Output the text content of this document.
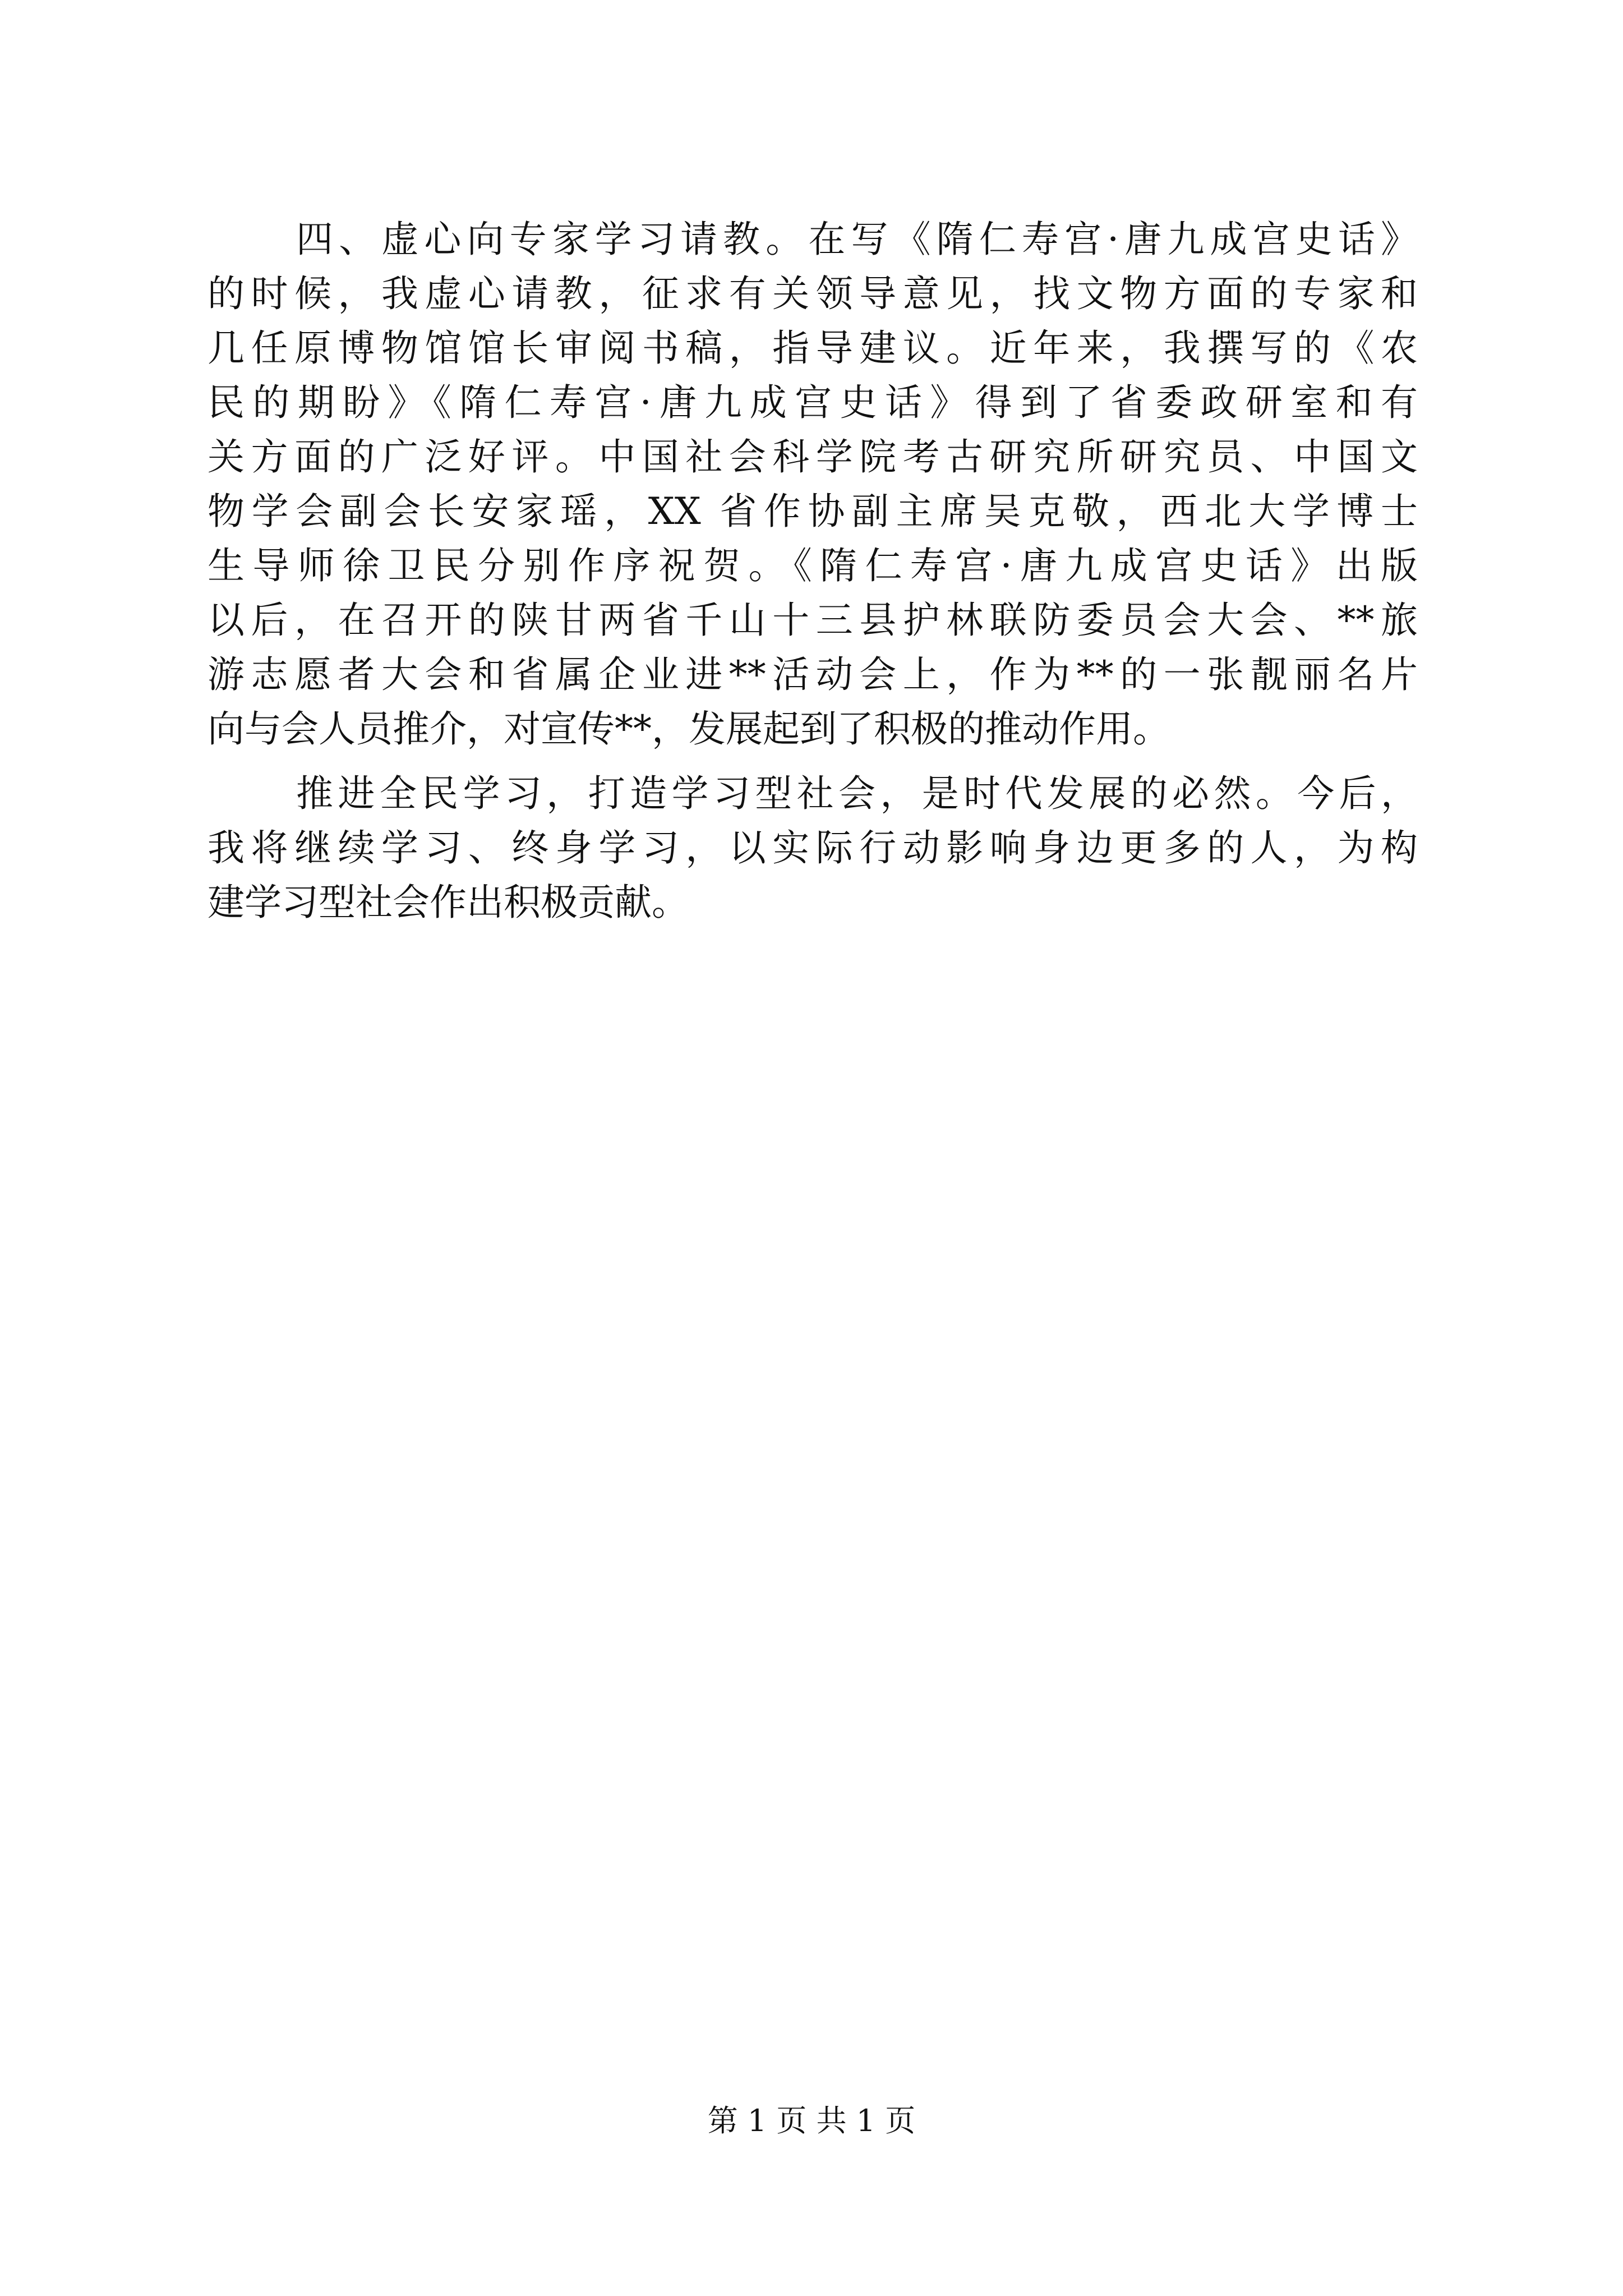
四、虚心向专家学习请教。在写《隋仁寿宫·唐九成宫史话》
的时候，我虚心请教，征求有关领导意见，找文物方面的专家和
几任原博物馆馆长审阅书稿，指导建议。近年来，我撰写的《农
民的期盼》《隋仁寿宫·唐九成宫史话》得到了省委政研室和有
关方面的广泛好评。中国社会科学院考古研究所研究员、中国文
物学会副会长安家瑶，XX 省作协副主席吴克敬，西北大学博士
生导师徐卫民分别作序祝贺。《隋仁寿宫·唐九成宫史话》出版
以后，在召开的陕甘两省千山十三县护林联防委员会大会、**旅
游志愿者大会和省属企业进**活动会上，作为**的一张靓丽名片
向与会人员推介，对宣传**，发展起到了积极的推动作用。

推进全民学习，打造学习型社会，是时代发展的必然。今后，
我将继续学习、终身学习，以实际行动影响身边更多的人，为构
建学习型社会作出积极贡献。

第 1 页 共 1 页
